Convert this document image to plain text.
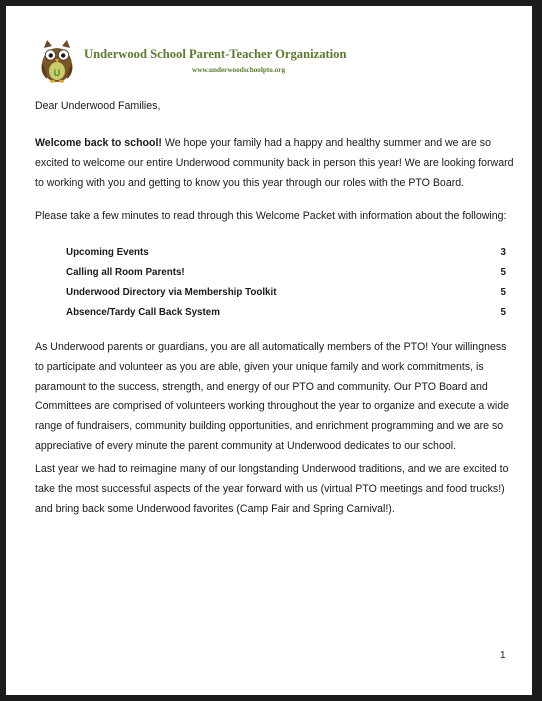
U
Underwood School Parent-Teacher Organization
www.underwoodschoolpto.org
Dear Underwood Families,
Welcome back to school! We hope your family had a happy and healthy summer and we are so excited to welcome our entire Underwood community back in person this year! We are looking forward to working with you and getting to know you this year through our roles with the PTO Board.
Please take a few minutes to read through this Welcome Packet with information about the following:
Upcoming Events	3
Calling all Room Parents!	5
Underwood Directory via Membership Toolkit	5
Absence/Tardy Call Back System	5
As Underwood parents or guardians, you are all automatically members of the PTO! Your willingness to participate and volunteer as you are able, given your unique family and work commitments, is paramount to the success, strength, and energy of our PTO and community. Our PTO Board and Committees are comprised of volunteers working throughout the year to organize and execute a wide range of fundraisers, community building opportunities, and enrichment programming and we are so appreciative of every minute the parent community at Underwood dedicates to our school.
Last year we had to reimagine many of our longstanding Underwood traditions, and we are excited to take the most successful aspects of the year forward with us (virtual PTO meetings and food trucks!) and bring back some Underwood favorites (Camp Fair and Spring Carnival!).
1
